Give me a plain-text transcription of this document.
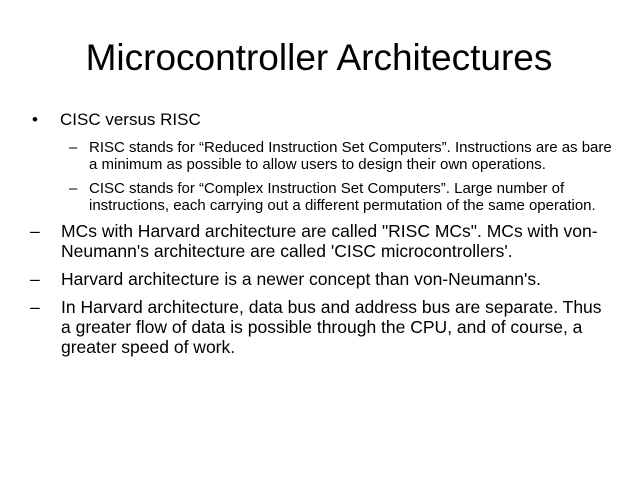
Microcontroller Architectures
• CISC versus RISC
– RISC stands for “Reduced Instruction Set Computers”. Instructions are as bare a minimum as possible to allow users to design their own operations.
– CISC stands for “Complex Instruction Set Computers”. Large number of instructions, each carrying out a different permutation of the same operation.
– MCs with Harvard architecture are called "RISC MCs". MCs with von-Neumann's architecture are called 'CISC microcontrollers'.
– Harvard architecture is a newer concept than von-Neumann's.
– In Harvard architecture, data bus and address bus are separate. Thus a greater flow of data is possible through the CPU, and of course, a greater speed of work.
